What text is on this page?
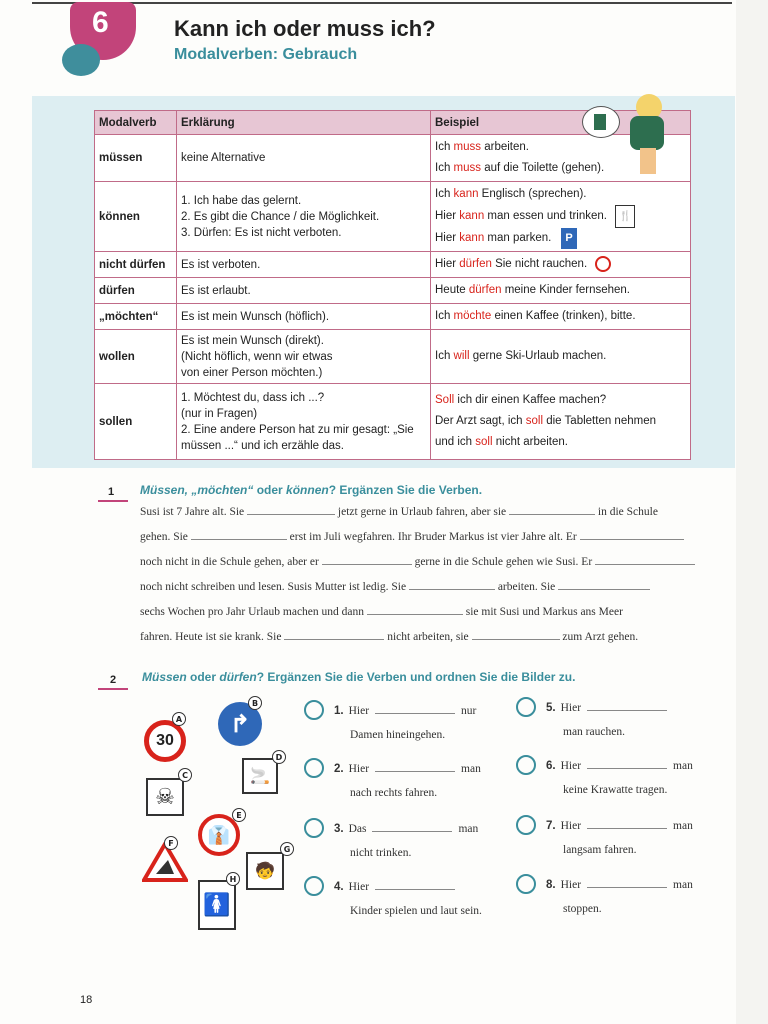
6	Kann ich oder muss ich?
Modalverben: Gebrauch
Modalverb	Erklärung	Beispiel
müssen	keine Alternative	Ich muss arbeiten.
Ich muss auf die Toilette (gehen).

können	1. Ich habe das gelernt.
2. Es gibt die Chance / die Möglichkeit.
3. Dürfen: Es ist nicht verboten.	Ich kann Englisch (sprechen).
Hier kann man essen und trinken. 🍴
Hier kann man parken. P

nicht dürfen	Es ist verboten.	Hier dürfen Sie nicht rauchen.

dürfen	Es ist erlaubt.	Heute dürfen meine Kinder fernsehen.

„möchten“	Es ist mein Wunsch (höflich).	Ich möchte einen Kaffee (trinken), bitte.

wollen	Es ist mein Wunsch (direkt).
(Nicht höflich, wenn wir etwas
von einer Person möchten.)	Ich will gerne Ski-Urlaub machen.

sollen	1. Möchtest du, dass ich ...?
(nur in Fragen)
2. Eine andere Person hat zu mir gesagt: „Sie
müssen ...“ und ich erzähle das.	Soll ich dir einen Kaffee machen?
Der Arzt sagt, ich soll die Tabletten nehmen
und ich soll nicht arbeiten.
1 Müssen, „möchten“ oder können? Ergänzen Sie die Verben.
Susi ist 7 Jahre alt. Sie	jetzt gerne in Urlaub fahren, aber sie	in die Schule
gehen. Sie	erst im Juli wegfahren. Ihr Bruder Markus ist vier Jahre alt. Er
noch nicht in die Schule gehen, aber er	gerne in die Schule gehen wie Susi. Er
noch nicht schreiben und lesen. Susis Mutter ist ledig. Sie	arbeiten. Sie
sechs Wochen pro Jahr Urlaub machen und dann	sie mit Susi und Markus ans Meer
fahren. Heute ist sie krank. Sie	nicht arbeiten, sie	zum Arzt gehen.
2 Müssen oder dürfen? Ergänzen Sie die Verben und ordnen Sie die Bilder zu.
30
A	↱
B
☠
C	🚬
D
👔
E
F
🧒
G
🚺
H
1. Hier	nur
Damen hineingehen.
2. Hier	man
nach rechts fahren.
3. Das	man
nicht trinken.
4. Hier
Kinder spielen und laut sein.
5. Hier
man rauchen.
6. Hier	man
keine Krawatte tragen.
7. Hier	man
langsam fahren.
8. Hier	man
stoppen.
18
